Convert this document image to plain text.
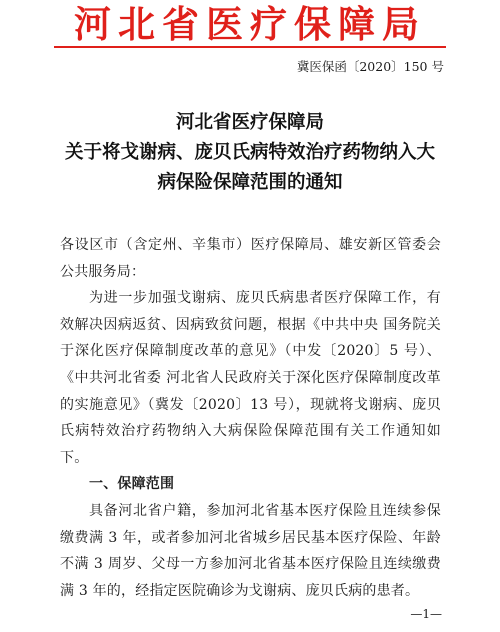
河北省医疗保障局
冀医保函〔2020〕150 号
河北省医疗保障局
关于将戈谢病、庞贝氏病特效治疗药物纳入大
病保险保障范围的通知

各设区市（含定州、辛集市）医疗保障局、雄安新区管委会公共服务局：

为进一步加强戈谢病、庞贝氏病患者医疗保障工作，有效解决因病返贫、因病致贫问题，根据《中共中央 国务院关于深化医疗保障制度改革的意见》（中发〔2020〕5 号）、《中共河北省委 河北省人民政府关于深化医疗保障制度改革的实施意见》（冀发〔2020〕13 号），现就将戈谢病、庞贝氏病特效治疗药物纳入大病保险保障范围有关工作通知如下。

一、保障范围

具备河北省户籍，参加河北省基本医疗保险且连续参保缴费满 3 年，或者参加河北省城乡居民基本医疗保险、年龄不满 3 周岁、父母一方参加河北省基本医疗保险且连续缴费满 3 年的，经指定医院确诊为戈谢病、庞贝氏病的患者。

—1—
